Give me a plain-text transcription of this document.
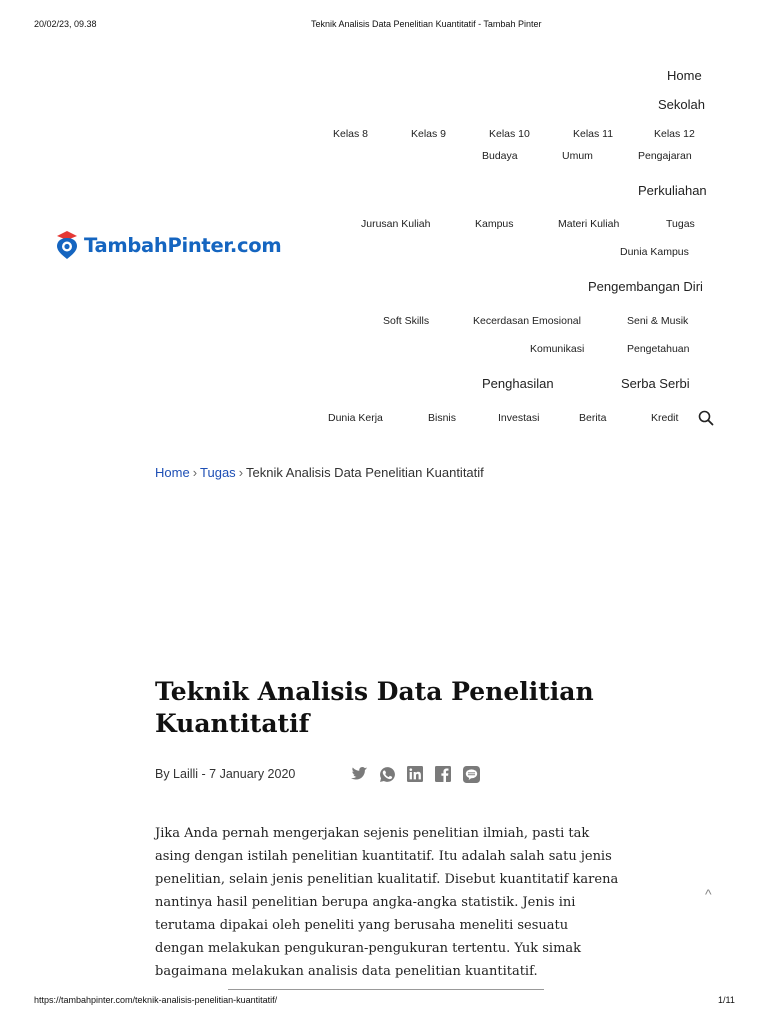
20/02/23, 09.38	Teknik Analisis Data Penelitian Kuantitatif - Tambah Pinter
TambahPinter.com
Home
Sekolah
Kelas 8	Kelas 9	Kelas 10	Kelas 11	Kelas 12
Budaya	Umum	Pengajaran
Perkuliahan
Jurusan Kuliah	Kampus	Materi Kuliah	Tugas
Dunia Kampus
Pengembangan Diri
Soft Skills	Kecerdasan Emosional	Seni & Musik
Komunikasi	Pengetahuan
Penghasilan	Serba Serbi
Dunia Kerja	Bisnis	Investasi	Berita	Kredit
Home › Tugas › Teknik Analisis Data Penelitian Kuantitatif
Teknik Analisis Data Penelitian Kuantitatif
By Lailli - 7 January 2020
Jika Anda pernah mengerjakan sejenis penelitian ilmiah, pasti tak asing dengan istilah penelitian kuantitatif. Itu adalah salah satu jenis penelitian, selain jenis penelitian kualitatif. Disebut kuantitatif karena nantinya hasil penelitian berupa angka-angka statistik. Jenis ini terutama dipakai oleh peneliti yang berusaha meneliti sesuatu dengan melakukan pengukuran-pengukuran tertentu. Yuk simak bagaimana melakukan analisis data penelitian kuantitatif.
^
https://tambahpinter.com/teknik-analisis-penelitian-kuantitatif/	1/11
